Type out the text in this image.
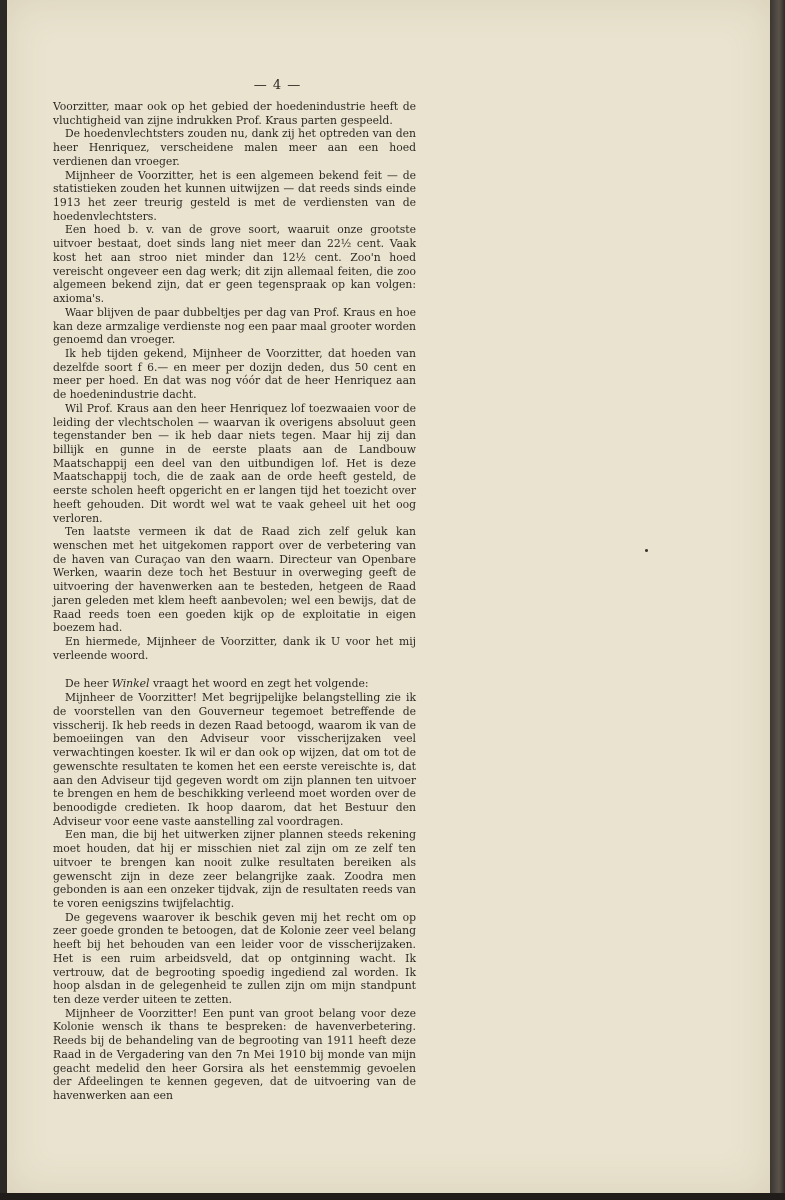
— 4 —

Voorzitter, maar ook op het gebied der hoedenindustrie heeft de vluchtigheid van zijne indrukken Prof. Kraus parten gespeeld.

De hoedenvlechtsters zouden nu, dank zij het optreden van den heer Henriquez, verscheidene malen meer aan een hoed verdienen dan vroeger.

Mijnheer de Voorzitter, het is een algemeen bekend feit — de statistieken zouden het kunnen uitwijzen — dat reeds sinds einde 1913 het zeer treurig gesteld is met de verdiensten van de hoedenvlechtsters.

Een hoed b. v. van de grove soort, waaruit onze grootste uitvoer bestaat, doet sinds lang niet meer dan 22½ cent. Vaak kost het aan stroo niet minder dan 12½ cent. Zoo'n hoed vereischt ongeveer een dag werk; dit zijn allemaal feiten, die zoo algemeen bekend zijn, dat er geen tegenspraak op kan volgen: axioma's.

Waar blijven de paar dubbeltjes per dag van Prof. Kraus en hoe kan deze armzalige verdienste nog een paar maal grooter worden genoemd dan vroeger.

Ik heb tijden gekend, Mijnheer de Voorzitter, dat hoeden van dezelfde soort f 6.— en meer per dozijn deden, dus 50 cent en meer per hoed. En dat was nog vóór dat de heer Henriquez aan de hoedenindustrie dacht.

Wil Prof. Kraus aan den heer Henriquez lof toezwaaien voor de leiding der vlechtscholen — waarvan ik overigens absoluut geen tegenstander ben — ik heb daar niets tegen. Maar hij zij dan billijk en gunne in de eerste plaats aan de Landbouw Maatschappij een deel van den uitbundigen lof. Het is deze Maatschappij toch, die de zaak aan de orde heeft gesteld, de eerste scholen heeft opgericht en er langen tijd het toezicht over heeft gehouden. Dit wordt wel wat te vaak geheel uit het oog verloren.

Ten laatste vermeen ik dat de Raad zich zelf geluk kan wenschen met het uitgekomen rapport over de verbetering van de haven van Curaçao van den waarn. Directeur van Openbare Werken, waarin deze toch het Bestuur in overweging geeft de uitvoering der havenwerken aan te besteden, hetgeen de Raad jaren geleden met klem heeft aanbevolen; wel een bewijs, dat de Raad reeds toen een goeden kijk op de exploitatie in eigen boezem had.

En hiermede, Mijnheer de Voorzitter, dank ik U voor het mij verleende woord.

De heer Winkel vraagt het woord en zegt het volgende:

Mijnheer de Voorzitter! Met begrijpelijke belangstelling zie ik de voorstellen van den Gouverneur tegemoet betreffende de visscherij. Ik heb reeds in dezen Raad betoogd, waarom ik van de bemoeiingen van den Adviseur voor visscherijzaken veel verwachtingen koester. Ik wil er dan ook op wijzen, dat om tot de gewenschte resultaten te komen het een eerste vereischte is, dat aan den Adviseur tijd gegeven wordt om zijn plannen ten uitvoer te brengen en hem de beschikking verleend moet worden over de benoodigde credieten. Ik hoop daarom, dat het Bestuur den Adviseur voor eene vaste aanstelling zal voordragen.

Een man, die bij het uitwerken zijner plannen steeds rekening moet houden, dat hij er misschien niet zal zijn om ze zelf ten uitvoer te brengen kan nooit zulke resultaten bereiken als gewenscht zijn in deze zeer belangrijke zaak. Zoodra men gebonden is aan een onzeker tijdvak, zijn de resultaten reeds van te voren eenigszins twijfelachtig.

De gegevens waarover ik beschik geven mij het recht om op zeer goede gronden te betoogen, dat de Kolonie zeer veel belang heeft bij het behouden van een leider voor de visscherijzaken. Het is een ruim arbeidsveld, dat op ontginning wacht. Ik vertrouw, dat de begrooting spoedig ingediend zal worden. Ik hoop alsdan in de gelegenheid te zullen zijn om mijn standpunt ten deze verder uiteen te zetten.

Mijnheer de Voorzitter! Een punt van groot belang voor deze Kolonie wensch ik thans te bespreken: de havenverbetering. Reeds bij de behandeling van de begrooting van 1911 heeft deze Raad in de Vergadering van den 7n Mei 1910 bij monde van mijn geacht medelid den heer Gorsira als het eenstemmig gevoelen der Afdeelingen te kennen gegeven, dat de uitvoering van de havenwerken aan een
